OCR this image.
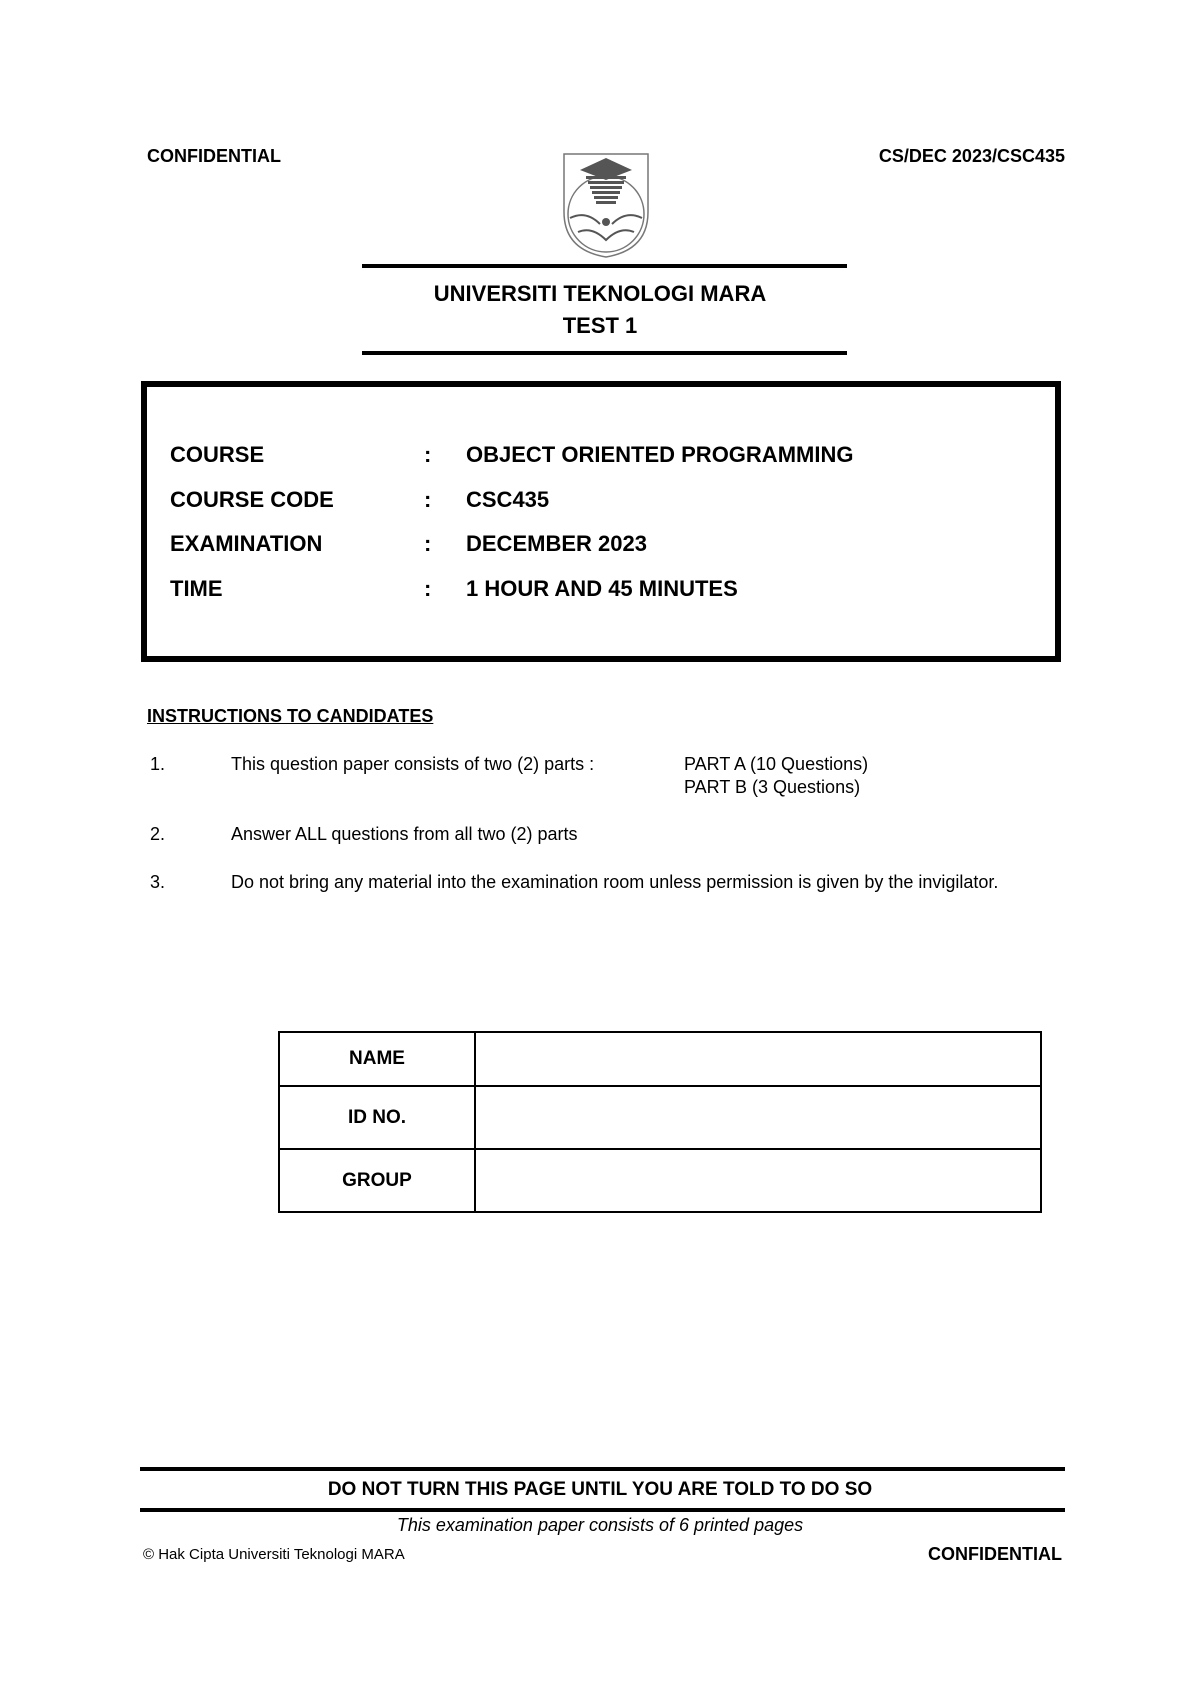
CONFIDENTIAL	CS/DEC 2023/CSC435
UNIVERSITI TEKNOLOGI MARA
TEST 1
COURSE	: OBJECT ORIENTED PROGRAMMING
COURSE CODE	: CSC435
EXAMINATION	: DECEMBER 2023
TIME	: 1 HOUR AND 45 MINUTES
INSTRUCTIONS TO CANDIDATES
1.	This question paper consists of two (2) parts :	PART A (10 Questions)
PART B (3 Questions)
2.	Answer ALL questions from all two (2) parts
3.	Do not bring any material into the examination room unless permission is given by the invigilator.
NAME	
ID NO.	
GROUP	
DO NOT TURN THIS PAGE UNTIL YOU ARE TOLD TO DO SO
This examination paper consists of 6 printed pages
© Hak Cipta Universiti Teknologi MARA	CONFIDENTIAL
